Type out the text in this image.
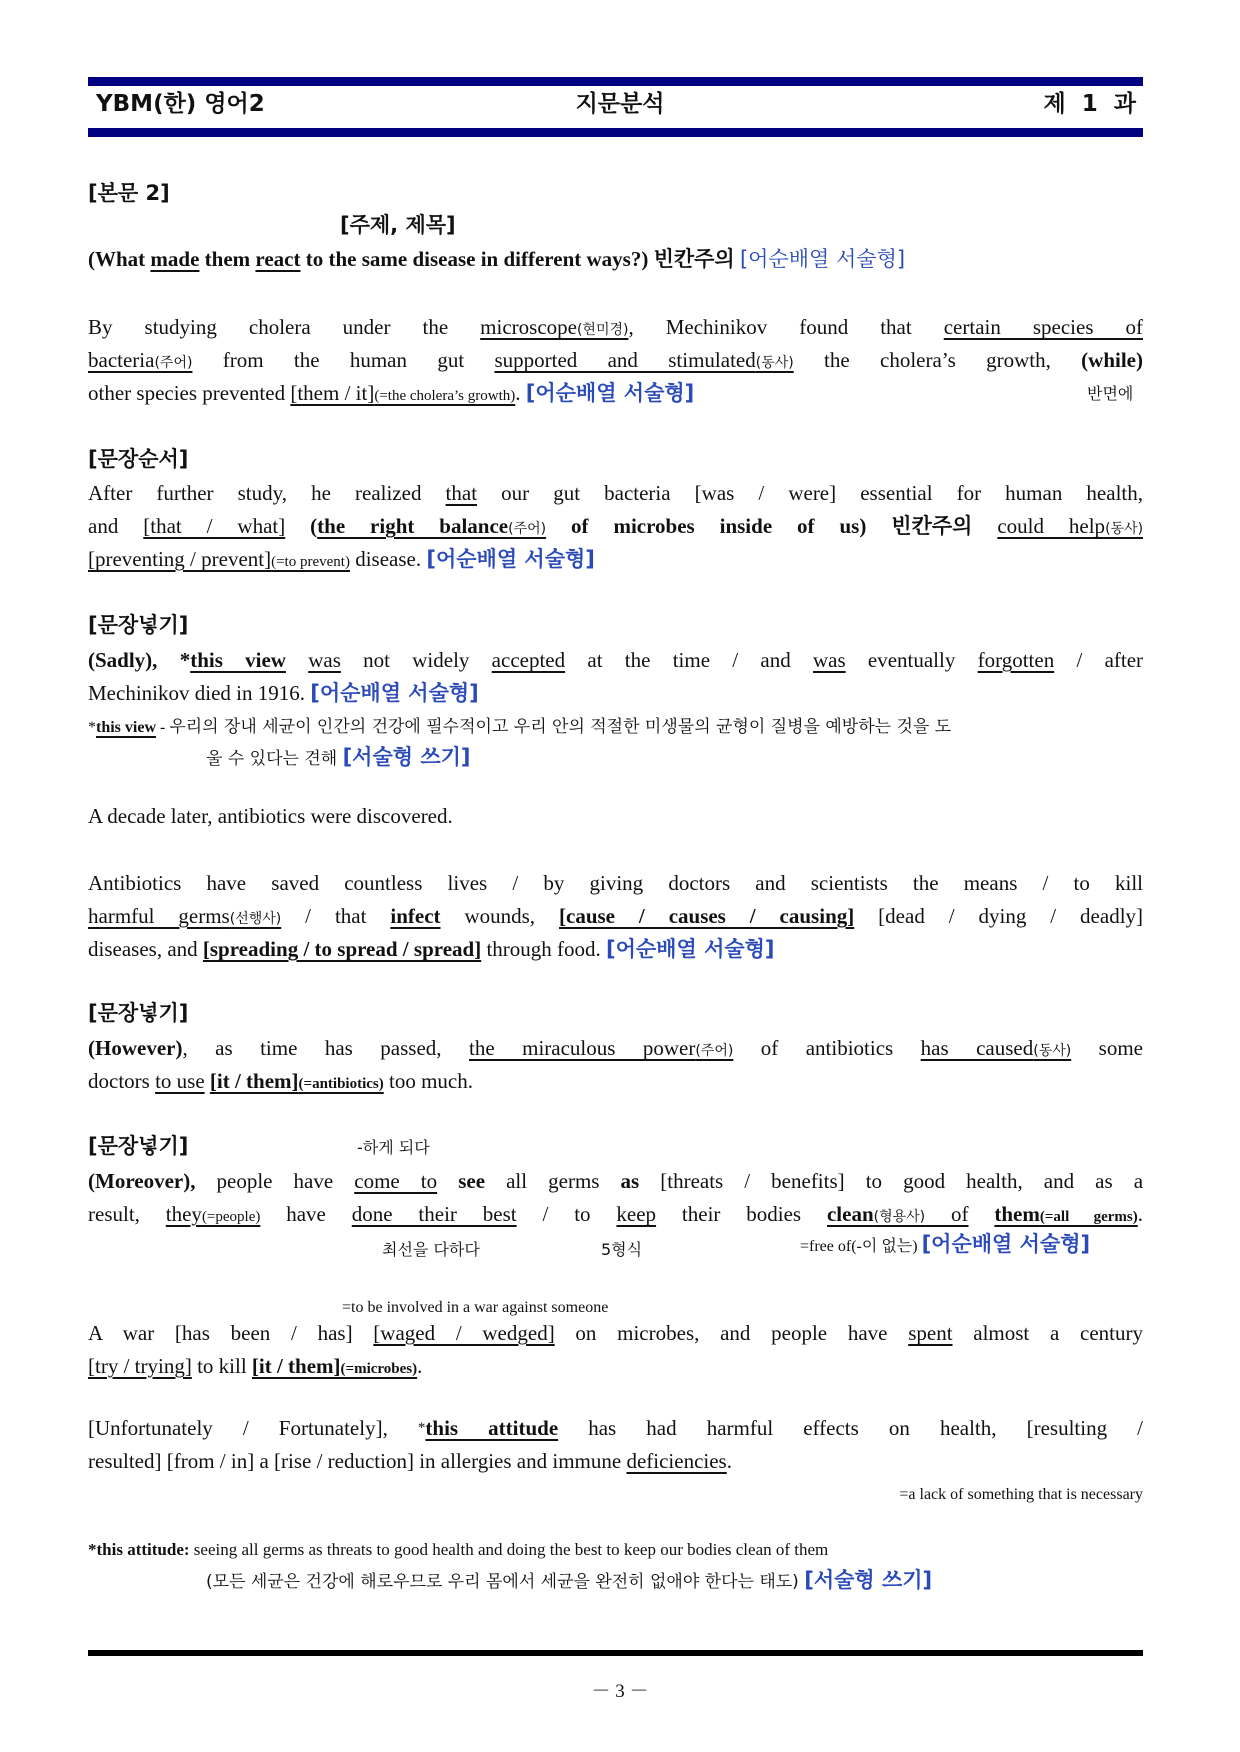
YBM(한) 영어2	지문분석	제 1 과
[본문 2]
[주제, 제목]
(What made them react to the same disease in different ways?) 빈칸주의 [어순배열 서술형]
By studying cholera under the microscope(현미경), Mechinikov found that certain species of
bacteria(주어) from the human gut supported and stimulated(동사) the cholera’s growth, (while)
other species prevented [them / it](=the cholera’s growth). [어순배열 서술형]	반면에
[문장순서]
After further study, he realized that our gut bacteria [was / were] essential for human health,
and [that / what] (the right balance(주어) of microbes inside of us) 빈칸주의 could help(동사)
[preventing / prevent](=to prevent) disease. [어순배열 서술형]
[문장넣기]
(Sadly), *this view was not widely accepted at the time / and was eventually forgotten / after
Mechinikov died in 1916. [어순배열 서술형]
*this view - 우리의 장내 세균이 인간의 건강에 필수적이고 우리 안의 적절한 미생물의 균형이 질병을 예방하는 것을 도
울 수 있다는 견해 [서술형 쓰기]
A decade later, antibiotics were discovered.
Antibiotics have saved countless lives / by giving doctors and scientists the means / to kill
harmful germs(선행사) / that infect wounds, [cause / causes / causing] [dead / dying / deadly]
diseases, and [spreading / to spread / spread] through food. [어순배열 서술형]
[문장넣기]
(However), as time has passed, the miraculous power(주어) of antibiotics has caused(동사) some
doctors to use [it / them](=antibiotics) too much.
[문장넣기]	-하게 되다
(Moreover), people have come to see all germs as [threats / benefits] to good health, and as a
result, they(=people) have done their best / to keep their bodies clean(형용사) of them(=all germs).
최선을 다하다	5형식	=free of(-이 없는) [어순배열 서술형]
=to be involved in a war against someone
A war [has been / has] [waged / wedged] on microbes, and people have spent almost a century
[try / trying] to kill [it / them](=microbes).
[Unfortunately / Fortunately], *this attitude has had harmful effects on health, [resulting /
resulted] [from / in] a [rise / reduction] in allergies and immune deficiencies.
=a lack of something that is necessary
*this attitude: seeing all germs as threats to good health and doing the best to keep our bodies clean of them
(모든 세균은 건강에 해로우므로 우리 몸에서 세균을 완전히 없애야 한다는 태도) [서술형 쓰기]
－ 3 －
